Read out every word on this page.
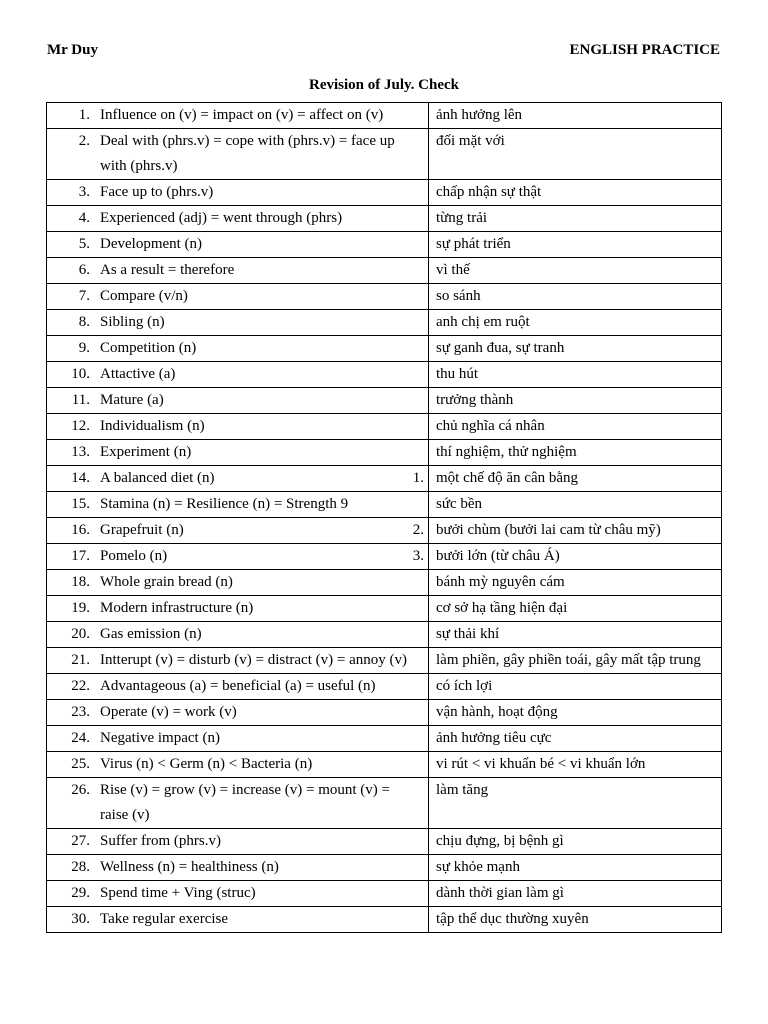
Mr Duy	ENGLISH PRACTICE
Revision of July. Check
1. Influence on (v) = impact on (v) = affect on (v)	ảnh hưởng lên

2. Deal with (phrs.v) = cope with (phrs.v) = face up with (phrs.v)	đối mặt với

3. Face up to (phrs.v)	chấp nhận sự thật

4. Experienced (adj) = went through (phrs)	từng trải

5. Development (n)	sự phát triển

6. As a result = therefore	vì thế

7. Compare (v/n)	so sánh

8. Sibling (n)	anh chị em ruột

9. Competition (n)	sự ganh đua, sự tranh

10. Attactive (a)	thu hút

11. Mature (a)	trưởng thành

12. Individualism (n)	chủ nghĩa cá nhân

13. Experiment (n)	thí nghiệm, thử nghiệm

14. A balanced diet (n) 1.	một chế độ ăn cân bằng

15. Stamina (n) = Resilience (n) = Strength 9	sức bền

16. Grapefruit (n) 2.	bưởi chùm (bưởi lai cam từ châu mỹ)

17. Pomelo (n) 3.	bưởi lớn (từ châu Á)

18. Whole grain bread (n)	bánh mỳ nguyên cám

19. Modern infrastructure (n)	cơ sở hạ tầng hiện đại

20. Gas emission (n)	sự thải khí

21. Intterupt (v) = disturb (v) = distract (v) = annoy (v)	làm phiền, gây phiền toái, gây mất tập trung

22. Advantageous (a) = beneficial (a) = useful (n)	có ích lợi

23. Operate (v) = work (v)	vận hành, hoạt động

24. Negative impact (n)	ảnh hưởng tiêu cực

25. Virus (n) < Germ (n) < Bacteria (n)	vi rút < vi khuẩn bé < vi khuẩn lớn

26. Rise (v) = grow (v) = increase (v) = mount (v) = raise (v)	làm tăng

27. Suffer from (phrs.v)	chịu đựng, bị bệnh gì

28. Wellness (n) = healthiness (n)	sự khỏe mạnh

29. Spend time + Ving (struc)	dành thời gian làm gì

30. Take regular exercise	tập thể dục thường xuyên
